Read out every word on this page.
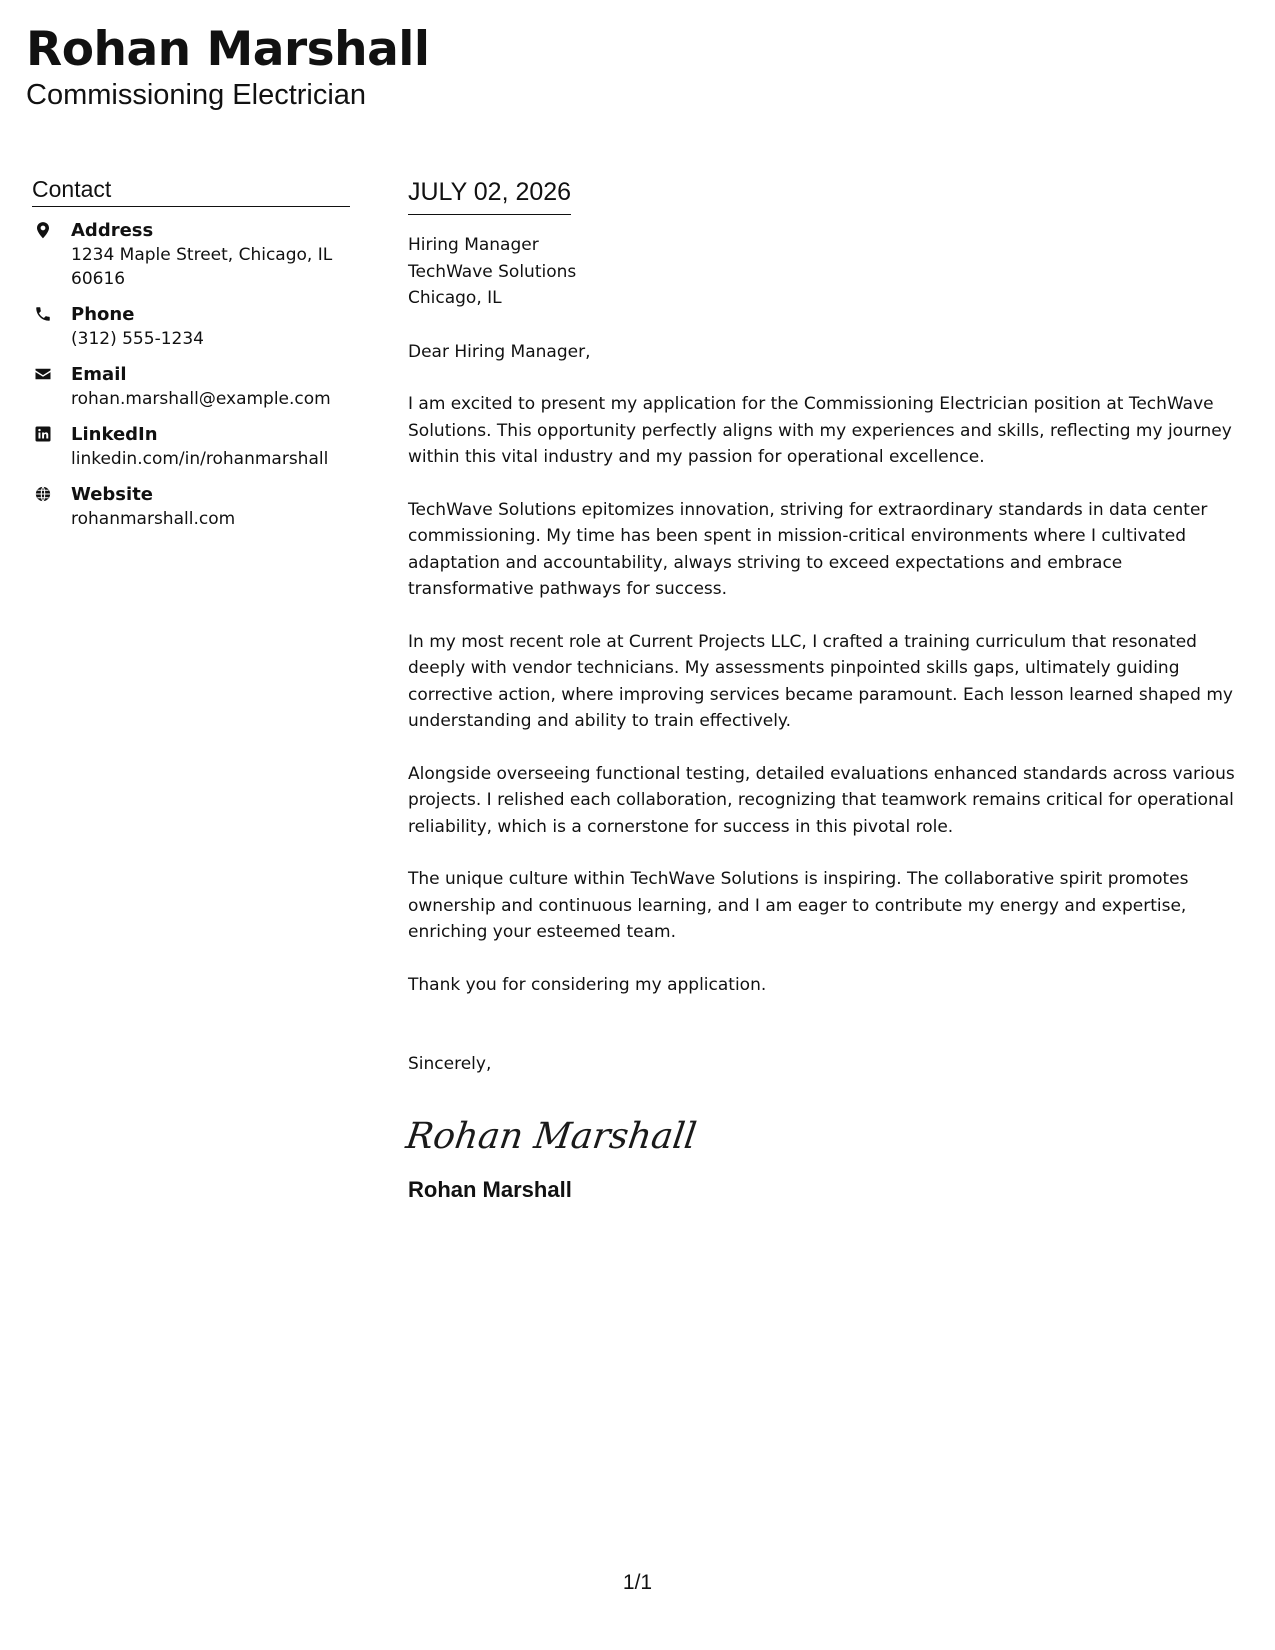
Rohan Marshall
Commissioning Electrician
Contact
Address
1234 Maple Street, Chicago, IL 60616
Phone
(312) 555-1234
Email
rohan.marshall@example.com
LinkedIn
linkedin.com/in/rohanmarshall
Website
rohanmarshall.com
JULY 02, 2026
Hiring Manager
TechWave Solutions
Chicago, IL
Dear Hiring Manager,

I am excited to present my application for the Commissioning Electrician position at TechWave Solutions. This opportunity perfectly aligns with my experiences and skills, reflecting my journey within this vital industry and my passion for operational excellence.

TechWave Solutions epitomizes innovation, striving for extraordinary standards in data center commissioning. My time has been spent in mission-critical environments where I cultivated adaptation and accountability, always striving to exceed expectations and embrace transformative pathways for success.

In my most recent role at Current Projects LLC, I crafted a training curriculum that resonated deeply with vendor technicians. My assessments pinpointed skills gaps, ultimately guiding corrective action, where improving services became paramount. Each lesson learned shaped my understanding and ability to train effectively.

Alongside overseeing functional testing, detailed evaluations enhanced standards across various projects. I relished each collaboration, recognizing that teamwork remains critical for operational reliability, which is a cornerstone for success in this pivotal role.

The unique culture within TechWave Solutions is inspiring. The collaborative spirit promotes ownership and continuous learning, and I am eager to contribute my energy and expertise, enriching your esteemed team.

Thank you for considering my application.

Sincerely,
Rohan Marshall
Rohan Marshall
1/1
